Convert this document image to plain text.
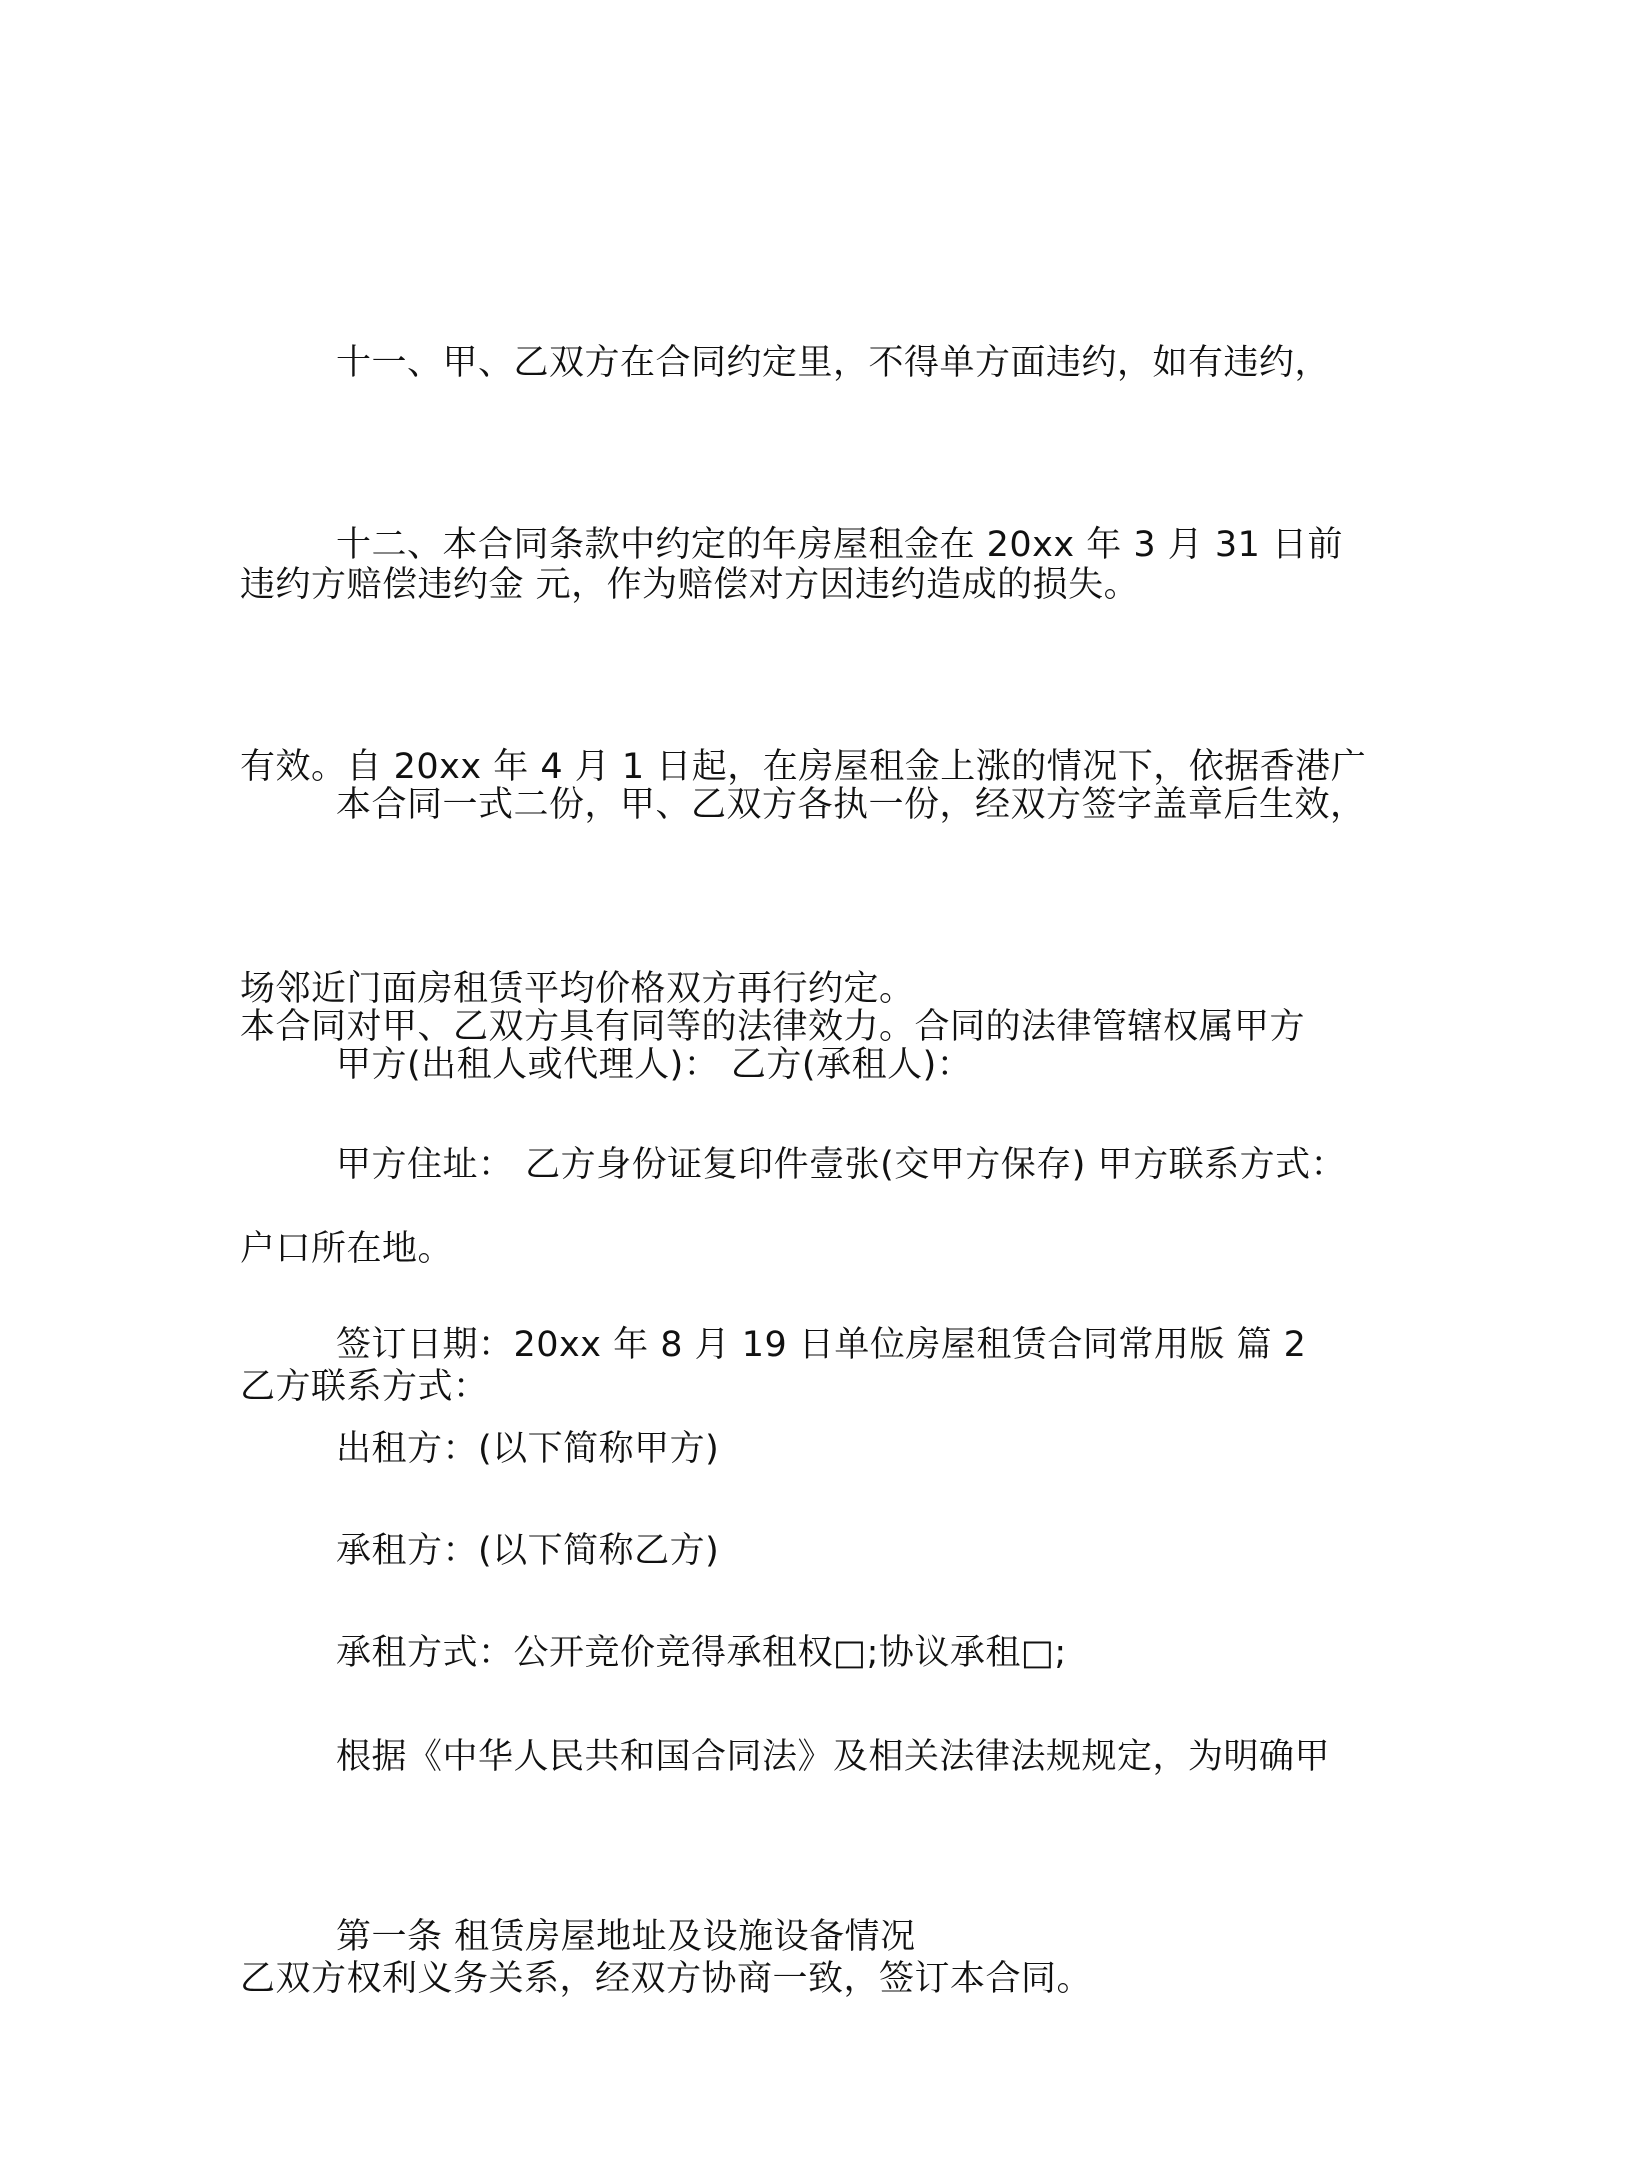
十一、甲、乙双方在合同约定里，不得单方面违约，如有违约，

违约方赔偿违约金 元，作为赔偿对方因违约造成的损失。

十二、本合同条款中约定的年房屋租金在 20xx 年 3 月 31 日前

有效。自 20xx 年 4 月 1 日起，在房屋租金上涨的情况下，依据香港广

场邻近门面房租赁平均价格双方再行约定。

本合同一式二份，甲、乙双方各执一份，经双方签字盖章后生效，

本合同对甲、乙双方具有同等的法律效力。合同的法律管辖权属甲方

户口所在地。

甲方(出租人或代理人)： 乙方(承租人)：

甲方住址： 乙方身份证复印件壹张(交甲方保存) 甲方联系方式：

乙方联系方式：

签订日期：20xx 年 8 月 19 日单位房屋租赁合同常用版 篇 2

出租方：(以下简称甲方)

承租方：(以下简称乙方)

承租方式：公开竞价竞得承租权□;协议承租□;

根据《中华人民共和国合同法》及相关法律法规规定，为明确甲

乙双方权利义务关系，经双方协商一致，签订本合同。

第一条 租赁房屋地址及设施设备情况
